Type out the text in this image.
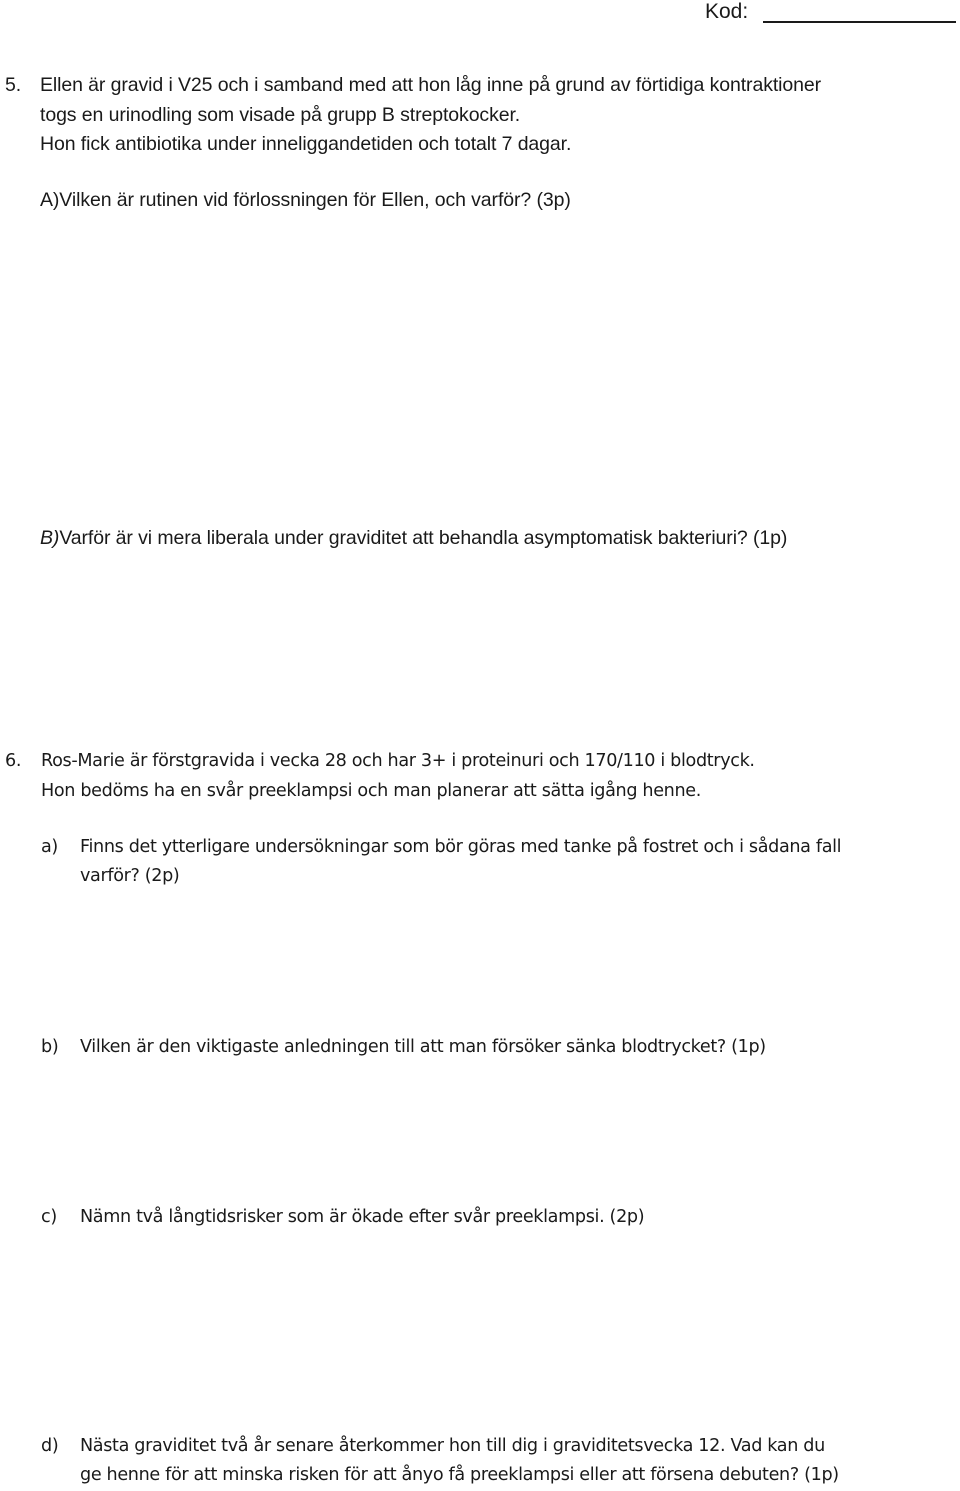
Kod:
5. Ellen är gravid i V25 och i samband med att hon låg inne på grund av förtidiga kontraktioner
togs en urinodling som visade på grupp B streptokocker.
Hon fick antibiotika under inneliggandetiden och totalt 7 dagar.
A)Vilken är rutinen vid förlossningen för Ellen, och varför? (3p)
B)Varför är vi mera liberala under graviditet att behandla asymptomatisk bakteriuri? (1p)
6. Ros-Marie är förstgravida i vecka 28 och har 3+ i proteinuri och 170/110 i blodtryck.
Hon bedöms ha en svår preeklampsi och man planerar att sätta igång henne.
a) Finns det ytterligare undersökningar som bör göras med tanke på fostret och i sådana fall
varför? (2p)
b) Vilken är den viktigaste anledningen till att man försöker sänka blodtrycket? (1p)
c) Nämn två långtidsrisker som är ökade efter svår preeklampsi. (2p)
d) Nästa graviditet två år senare återkommer hon till dig i graviditetsvecka 12. Vad kan du
ge henne för att minska risken för att ånyo få preeklampsi eller att försena debuten? (1p)
